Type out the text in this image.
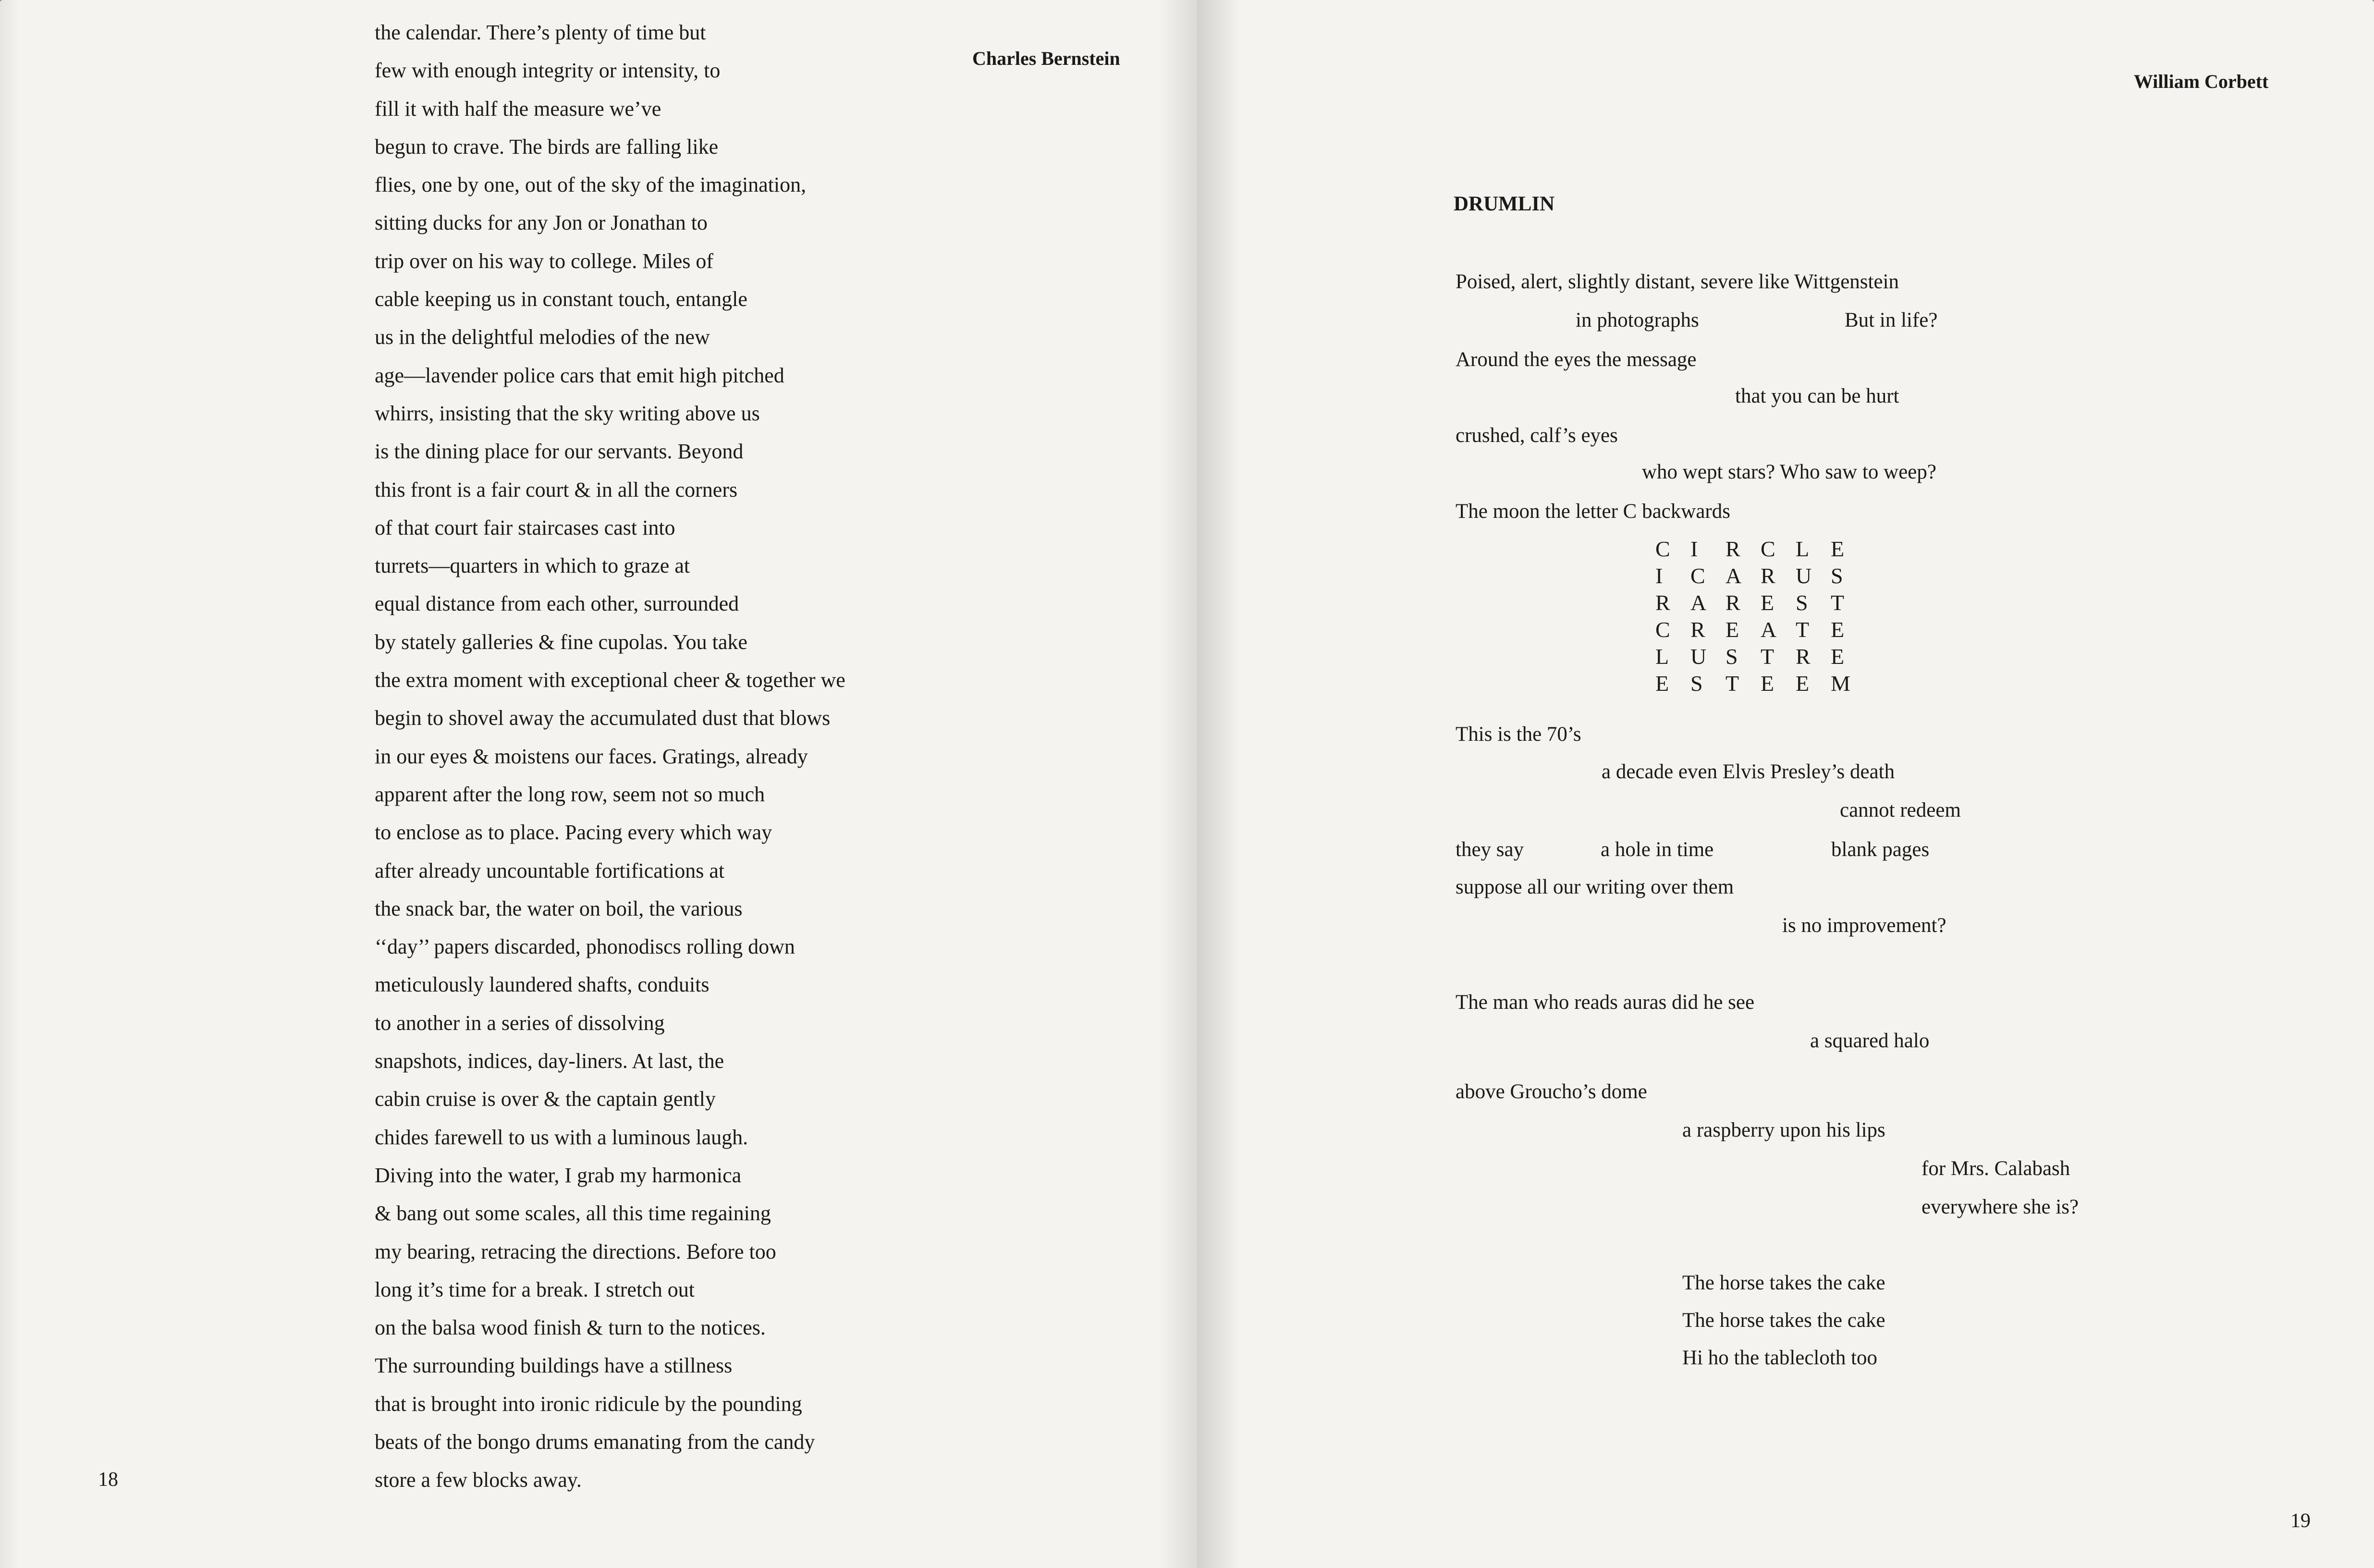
Charles Bernstein
the calendar. There’s plenty of time but
few with enough integrity or intensity, to
fill it with half the measure we’ve
begun to crave. The birds are falling like
flies, one by one, out of the sky of the imagination,
sitting ducks for any Jon or Jonathan to
trip over on his way to college. Miles of
cable keeping us in constant touch, entangle
us in the delightful melodies of the new
age—lavender police cars that emit high pitched
whirrs, insisting that the sky writing above us
is the dining place for our servants. Beyond
this front is a fair court & in all the corners
of that court fair staircases cast into
turrets—quarters in which to graze at
equal distance from each other, surrounded
by stately galleries & fine cupolas. You take
the extra moment with exceptional cheer & together we
begin to shovel away the accumulated dust that blows
in our eyes & moistens our faces. Gratings, already
apparent after the long row, seem not so much
to enclose as to place. Pacing every which way
after already uncountable fortifications at
the snack bar, the water on boil, the various
‘‘day’’ papers discarded, phonodiscs rolling down
meticulously laundered shafts, conduits
to another in a series of dissolving
snapshots, indices, day-liners. At last, the
cabin cruise is over & the captain gently
chides farewell to us with a luminous laugh.
Diving into the water, I grab my harmonica
& bang out some scales, all this time regaining
my bearing, retracing the directions. Before too
long it’s time for a break. I stretch out
on the balsa wood finish & turn to the notices.
The surrounding buildings have a stillness
that is brought into ironic ridicule by the pounding
beats of the bongo drums emanating from the candy
store a few blocks away.
18
William Corbett
19
DRUMLIN
Poised, alert, slightly distant, severe like Wittgenstein
in photographs	But in life?
Around the eyes the message
that you can be hurt
crushed, calf’s eyes
who wept stars? Who saw to weep?
The moon the letter C backwards
C I R C L E
I C A R U S
R A R E S T
C R E A T E
L U S T R E
E S T E E M
This is the 70’s
a decade even Elvis Presley’s death
cannot redeem
they say	a hole in time	blank pages
suppose all our writing over them
is no improvement?
The man who reads auras did he see
a squared halo
above Groucho’s dome
a raspberry upon his lips
for Mrs. Calabash
everywhere she is?
The horse takes the cake
The horse takes the cake
Hi ho the tablecloth too
